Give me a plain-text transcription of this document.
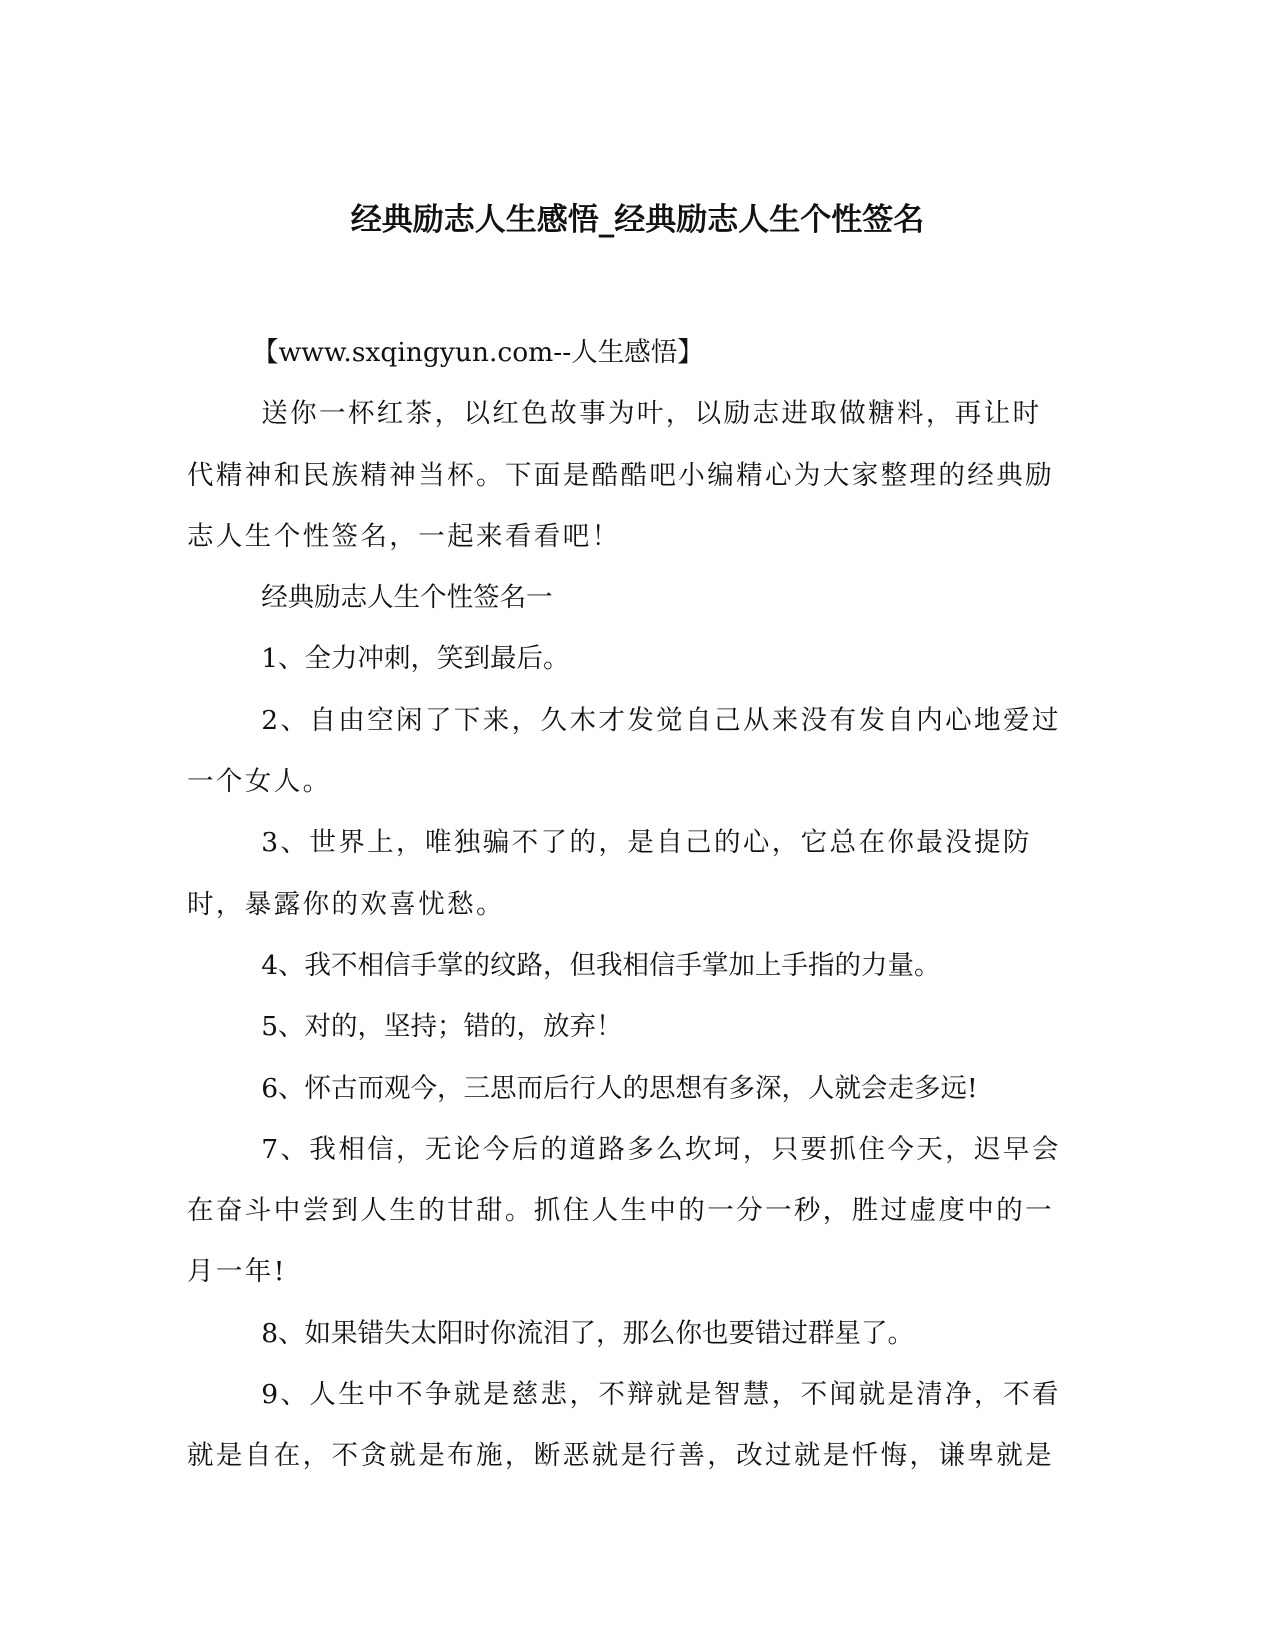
经典励志人生感悟_经典励志人生个性签名

【www.sxqingyun.com--人生感悟】

送你一杯红茶，以红色故事为叶，以励志进取做糖料，再让时代精神和民族精神当杯。下面是酷酷吧小编精心为大家整理的经典励志人生个性签名，一起来看看吧！

经典励志人生个性签名一

1、全力冲刺，笑到最后。

2、自由空闲了下来，久木才发觉自己从来没有发自内心地爱过一个女人。

3、世界上，唯独骗不了的，是自己的心，它总在你最没提防时，暴露你的欢喜忧愁。

4、我不相信手掌的纹路，但我相信手掌加上手指的力量。

5、对的，坚持；错的，放弃！

6、怀古而观今，三思而后行人的思想有多深，人就会走多远!

7、我相信，无论今后的道路多么坎坷，只要抓住今天，迟早会在奋斗中尝到人生的甘甜。抓住人生中的一分一秒，胜过虚度中的一月一年!

8、如果错失太阳时你流泪了，那么你也要错过群星了。

9、人生中不争就是慈悲，不辩就是智慧，不闻就是清净，不看就是自在，不贪就是布施，断恶就是行善，改过就是忏悔，谦卑就是
